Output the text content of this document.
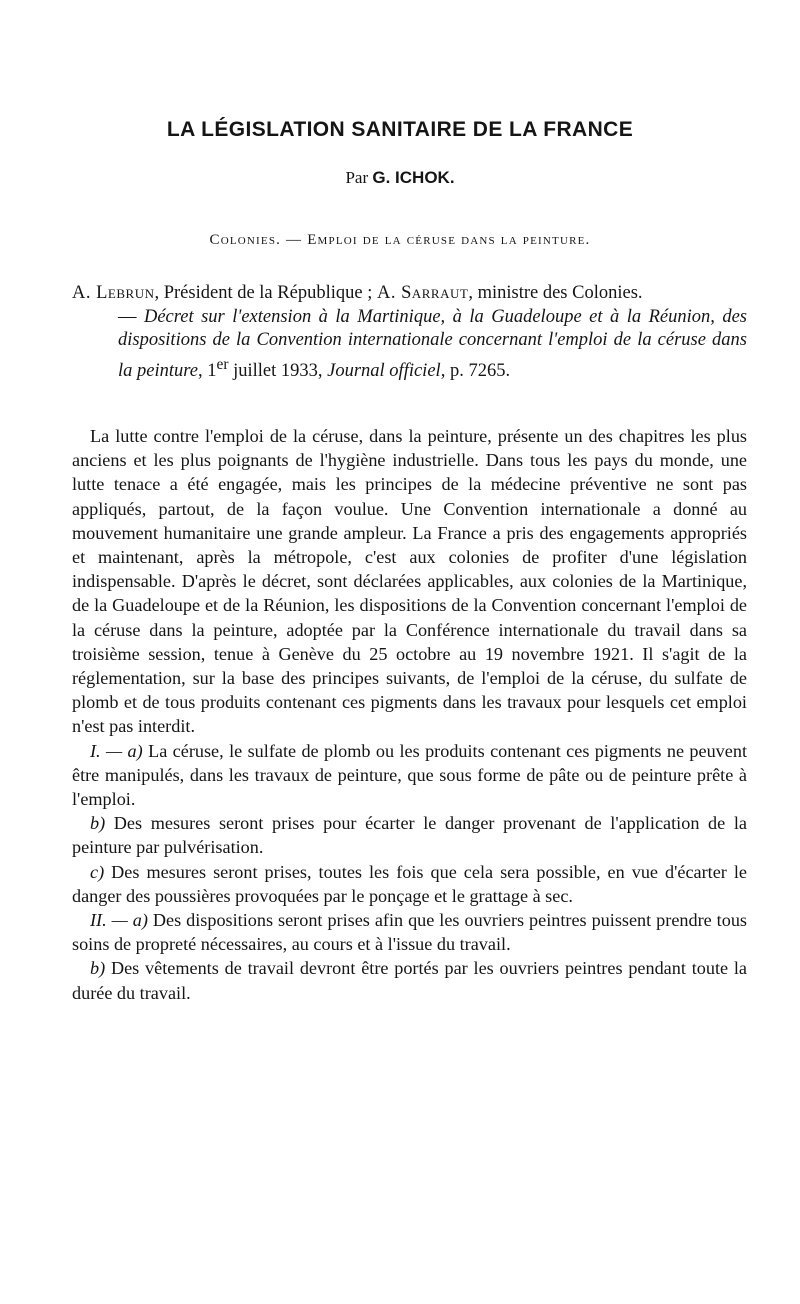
LA LÉGISLATION SANITAIRE DE LA FRANCE
Par G. ICHOK.
Colonies. — Emploi de la céruse dans la peinture.
A. Lebrun, Président de la République ; A. Sarraut, ministre des Colonies.
— Décret sur l'extension à la Martinique, à la Guadeloupe et à la Réunion, des dispositions de la Convention internationale concernant l'emploi de la céruse dans la peinture, 1er juillet 1933, Journal officiel, p. 7265.

La lutte contre l'emploi de la céruse, dans la peinture, présente un des chapitres les plus anciens et les plus poignants de l'hygiène industrielle. Dans tous les pays du monde, une lutte tenace a été engagée, mais les principes de la médecine préventive ne sont pas appliqués, partout, de la façon voulue. Une Convention internationale a donné au mouvement humanitaire une grande ampleur. La France a pris des engagements appropriés et maintenant, après la métropole, c'est aux colonies de profiter d'une législation indispensable. D'après le décret, sont déclarées applicables, aux colonies de la Martinique, de la Guadeloupe et de la Réunion, les dispositions de la Convention concernant l'emploi de la céruse dans la peinture, adoptée par la Conférence internationale du travail dans sa troisième session, tenue à Genève du 25 octobre au 19 novembre 1921. Il s'agit de la réglementation, sur la base des principes suivants, de l'emploi de la céruse, du sulfate de plomb et de tous produits contenant ces pigments dans les travaux pour lesquels cet emploi n'est pas interdit.

I. — a) La céruse, le sulfate de plomb ou les produits contenant ces pigments ne peuvent être manipulés, dans les travaux de peinture, que sous forme de pâte ou de peinture prête à l'emploi.

b) Des mesures seront prises pour écarter le danger provenant de l'application de la peinture par pulvérisation.

c) Des mesures seront prises, toutes les fois que cela sera possible, en vue d'écarter le danger des poussières provoquées par le ponçage et le grattage à sec.

II. — a) Des dispositions seront prises afin que les ouvriers peintres puissent prendre tous soins de propreté nécessaires, au cours et à l'issue du travail.

b) Des vêtements de travail devront être portés par les ouvriers peintres pendant toute la durée du travail.
